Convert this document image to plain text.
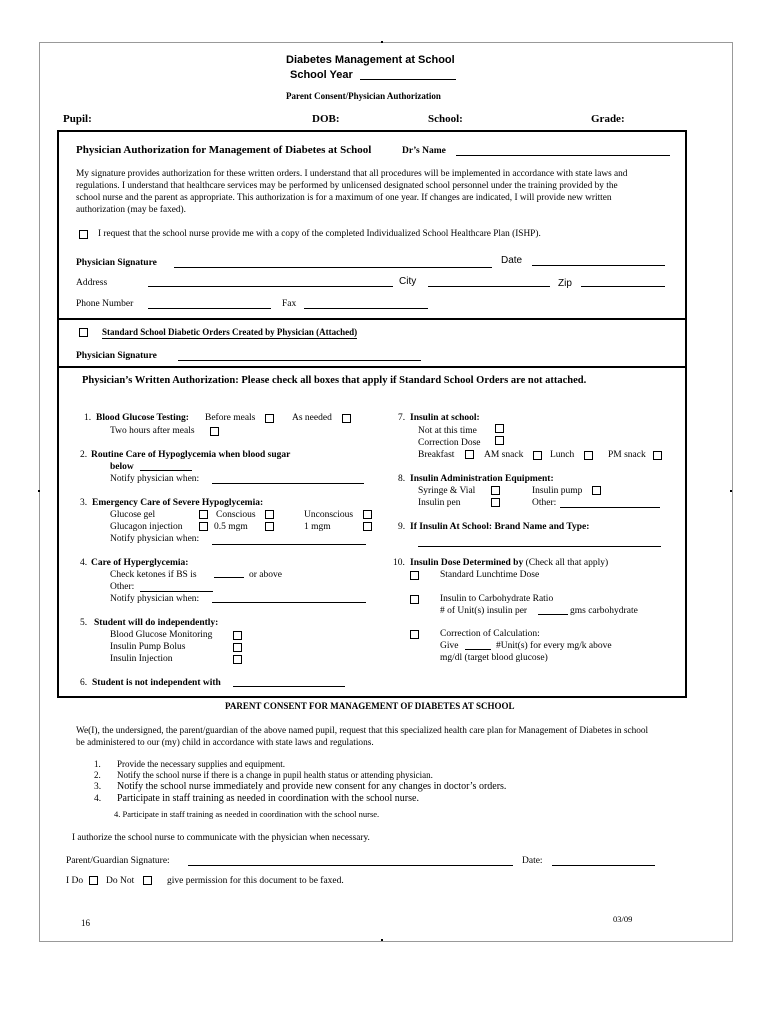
Diabetes Management at School
School Year
Parent Consent/Physician Authorization
Pupil:	DOB:	School:	Grade:
Physician Authorization for Management of Diabetes at School	Dr’s Name
My signature provides authorization for these written orders. I understand that all procedures will be implemented in accordance with state laws and regulations. I understand that healthcare services may be performed by unlicensed designated school personnel under the training provided by the school nurse and the parent as appropriate. This authorization is for a maximum of one year. If changes are indicated, I will provide new written authorization (may be faxed).
I request that the school nurse provide me with a copy of the completed Individualized School Healthcare Plan (ISHP).
Physician Signature	Date
Address	City	Zip
Phone Number	Fax
Standard School Diabetic Orders Created by Physician (Attached)
Physician Signature
Physician’s Written Authorization: Please check all boxes that apply if Standard School Orders are not attached.
1. Blood Glucose Testing: Before meals	As needed
Two hours after meals
2. Routine Care of Hypoglycemia when blood sugar
below
Notify physician when:
3. Emergency Care of Severe Hypoglycemia:
Glucose gel	Conscious	Unconscious
Glucagon injection	0.5 mgm	1 mgm
Notify physician when:
4. Care of Hyperglycemia:
Check ketones if BS is	or above
Other:
Notify physician when:
5. Student will do independently:
Blood Glucose Monitoring
Insulin Pump Bolus
Insulin Injection
6. Student is not independent with
7. Insulin at school:
Not at this time
Correction Dose
Breakfast	AM snack	Lunch	PM snack
8. Insulin Administration Equipment:
Syringe & Vial	Insulin pump
Insulin pen	Other:
9. If Insulin At School: Brand Name and Type:
10. Insulin Dose Determined by (Check all that apply)
Standard Lunchtime Dose
Insulin to Carbohydrate Ratio
# of Unit(s) insulin per	gms carbohydrate
Correction of Calculation:
Give	#Unit(s) for every mg/k above
mg/dl (target blood glucose)
PARENT CONSENT FOR MANAGEMENT OF DIABETES AT SCHOOL
We(I), the undersigned, the parent/guardian of the above named pupil, request that this specialized health care plan for Management of Diabetes in school be administered to our (my) child in accordance with state laws and regulations.
1. Provide the necessary supplies and equipment.
2. Notify the school nurse if there is a change in pupil health status or attending physician.
3. Notify the school nurse immediately and provide new consent for any changes in doctor’s orders.
4. Participate in staff training as needed in coordination with the school nurse.
4. Participate in staff training as needed in coordination with the school nurse.
I authorize the school nurse to communicate with the physician when necessary.
Parent/Guardian Signature:	Date:
I Do Do Not	give permission for this document to be faxed.
16	03/09
